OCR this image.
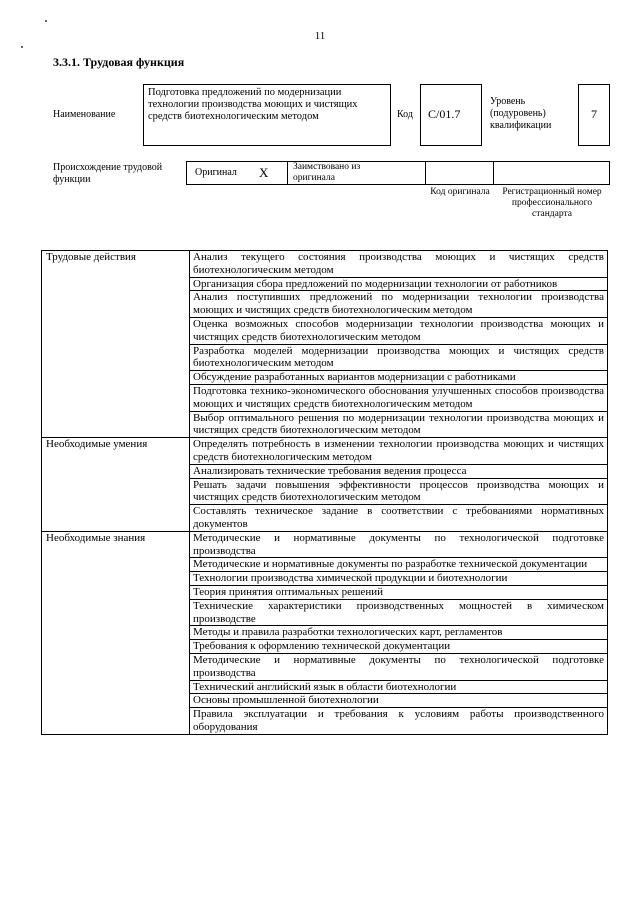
11
3.3.1. Трудовая функция
Наименование
Подготовка предложений по модернизации технологии производства моющих и чистящих средств биотехнологическим методом	Код С/01.7
Уровень (подуровень) квалификации
7
Происхождение трудовой функции
Оригинал X	Заимствовано из оригинала
Код оригинала Регистрационный номер профессионального стандарта
Трудовые действия	Анализ текущего состояния производства моющих и чистящих средств биотехнологическим методом
	Организация сбора предложений по модернизации технологии от работников
	Анализ поступивших предложений по модернизации технологии производства моющих и чистящих средств биотехнологическим методом
	Оценка возможных способов модернизации технологии производства моющих и чистящих средств биотехнологическим методом
	Разработка моделей модернизации производства моющих и чистящих средств биотехнологическим методом
	Обсуждение разработанных вариантов модернизации с работниками
	Подготовка технико-экономического обоснования улучшенных способов производства моющих и чистящих средств биотехнологическим методом
	Выбор оптимального решения по модернизации технологии производства моющих и чистящих средств биотехнологическим методом
Необходимые умения	Определять потребность в изменении технологии производства моющих и чистящих средств биотехнологическим методом
	Анализировать технические требования ведения процесса
	Решать задачи повышения эффективности процессов производства моющих и чистящих средств биотехнологическим методом
	Составлять техническое задание в соответствии с требованиями нормативных документов
Необходимые знания	Методические и нормативные документы по технологической подготовке производства
	Методические и нормативные документы по разработке технической документации
	Технологии производства химической продукции и биотехнологии
	Теория принятия оптимальных решений
	Технические характеристики производственных мощностей в химическом производстве
	Методы и правила разработки технологических карт, регламентов
	Требования к оформлению технической документации
	Методические и нормативные документы по технологической подготовке производства
	Технический английский язык в области биотехнологии
	Основы промышленной биотехнологии
	Правила эксплуатации и требования к условиям работы производственного оборудования
